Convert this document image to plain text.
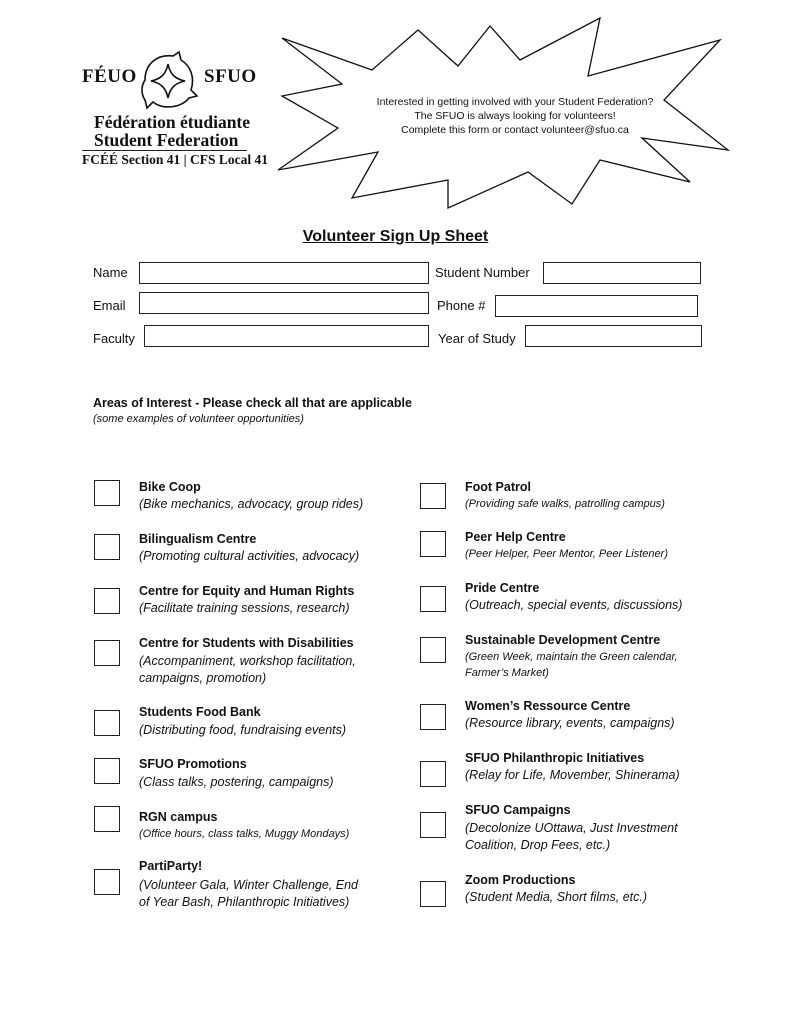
FÉUO	SFUO
Fédération étudiante
Student Federation
FCÉÉ Section 41 | CFS Local 41
Interested in getting involved with your Student Federation?
The SFUO is always looking for volunteers!
Complete this form or contact volunteer@sfuo.ca
Volunteer Sign Up Sheet
Name	Student Number
Email	Phone #
Faculty	Year of Study
Areas of Interest - Please check all that are applicable
(some examples of volunteer opportunities)
Bike Coop
(Bike mechanics, advocacy, group rides)
Bilingualism Centre
(Promoting cultural activities, advocacy)
Centre for Equity and Human Rights
(Facilitate training sessions, research)
Centre for Students with Disabilities
(Accompaniment, workshop facilitation,
campaigns, promotion)
Students Food Bank
(Distributing food, fundraising events)
SFUO Promotions
(Class talks, postering, campaigns)
RGN campus
(Office hours, class talks, Muggy Mondays)
PartiParty!
(Volunteer Gala, Winter Challenge, End
of Year Bash, Philanthropic Initiatives)
Foot Patrol
(Providing safe walks, patrolling campus)
Peer Help Centre
(Peer Helper, Peer Mentor, Peer Listener)
Pride Centre
(Outreach, special events, discussions)
Sustainable Development Centre
(Green Week, maintain the Green calendar,
Farmer’s Market)
Women’s Ressource Centre
(Resource library, events, campaigns)
SFUO Philanthropic Initiatives
(Relay for Life, Movember, Shinerama)
SFUO Campaigns
(Decolonize UOttawa, Just Investment
Coalition, Drop Fees, etc.)
Zoom Productions
(Student Media, Short films, etc.)
